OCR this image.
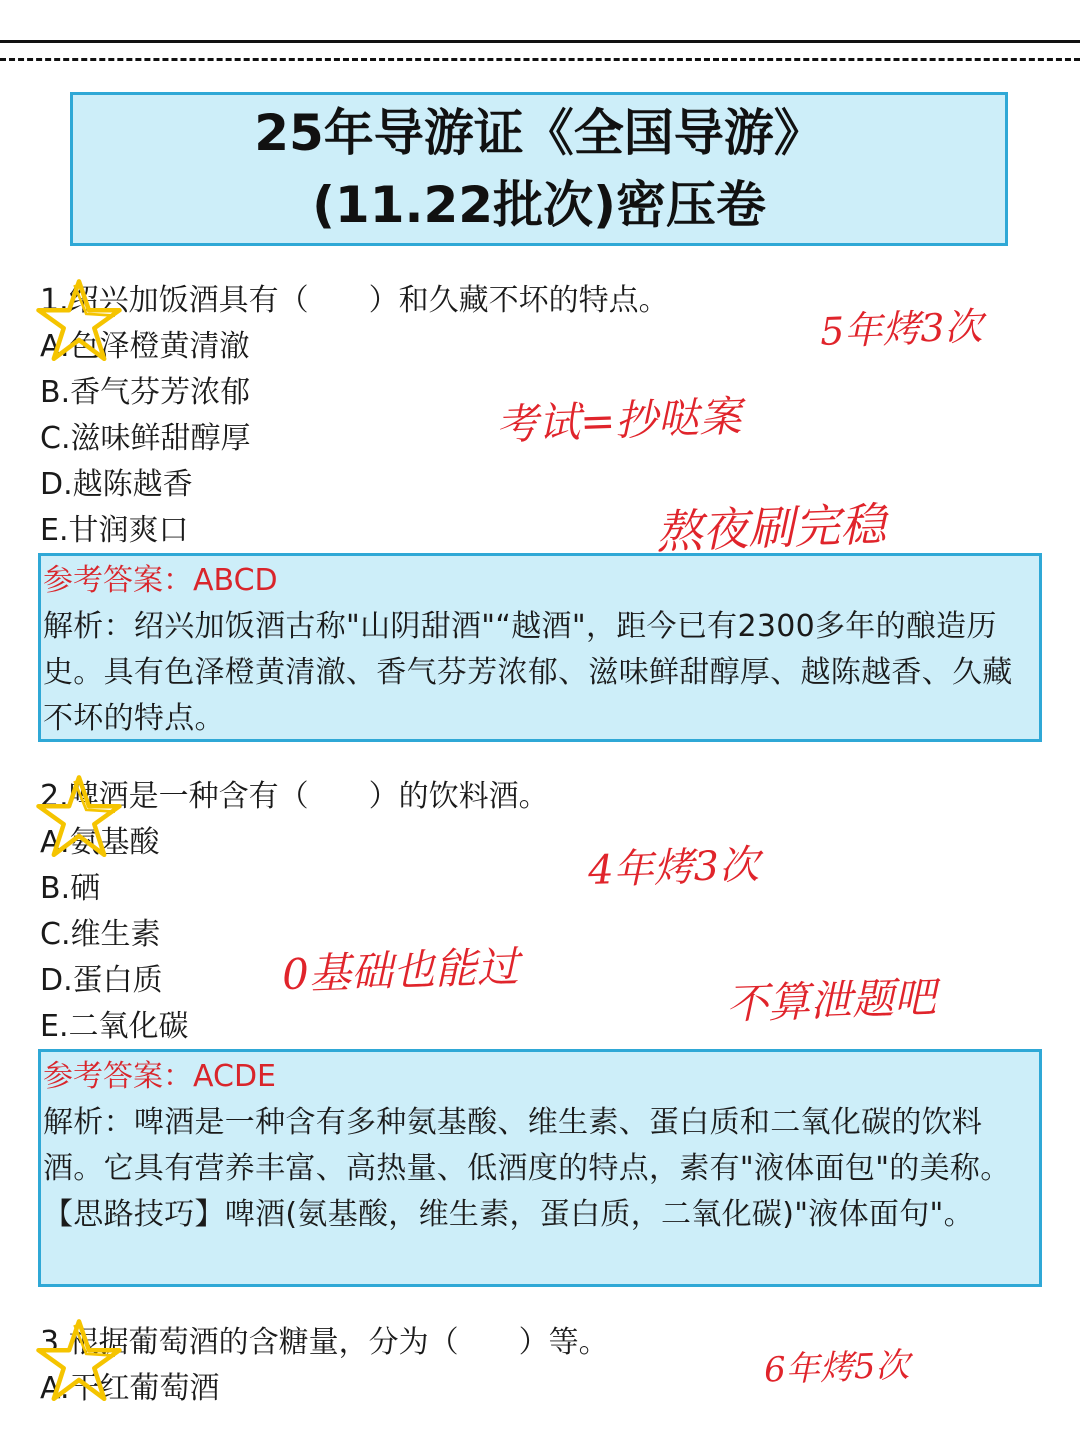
25年导游证《全国导游》
(11.22批次)密压卷
1.绍兴加饭酒具有（　　）和久藏不坏的特点。
A.色泽橙黄清澈
B.香气芬芳浓郁
C.滋味鲜甜醇厚
D.越陈越香
E.甘润爽口
参考答案：ABCD
解析：绍兴加饭酒古称"山阴甜酒"“越酒"，距今已有2300多年的酿造历史。具有色泽橙黄清澈、香气芬芳浓郁、滋味鲜甜醇厚、越陈越香、久藏不坏的特点。
2.啤酒是一种含有（　　）的饮料酒。
A.氨基酸
B.硒
C.维生素
D.蛋白质
E.二氧化碳
参考答案：ACDE
解析：啤酒是一种含有多种氨基酸、维生素、蛋白质和二氧化碳的饮料酒。它具有营养丰富、高热量、低酒度的特点，素有"液体面包"的美称。【思路技巧】啤酒(氨基酸，维生素，蛋白质，二氧化碳)"液体面句"。
3.根据葡萄酒的含糖量，分为（　　）等。
A.干红葡萄酒
5年烤3次
考试=抄哒案
熬夜刷完稳
4年烤3次
0基础也能过
不算泄题吧
6年烤5次
